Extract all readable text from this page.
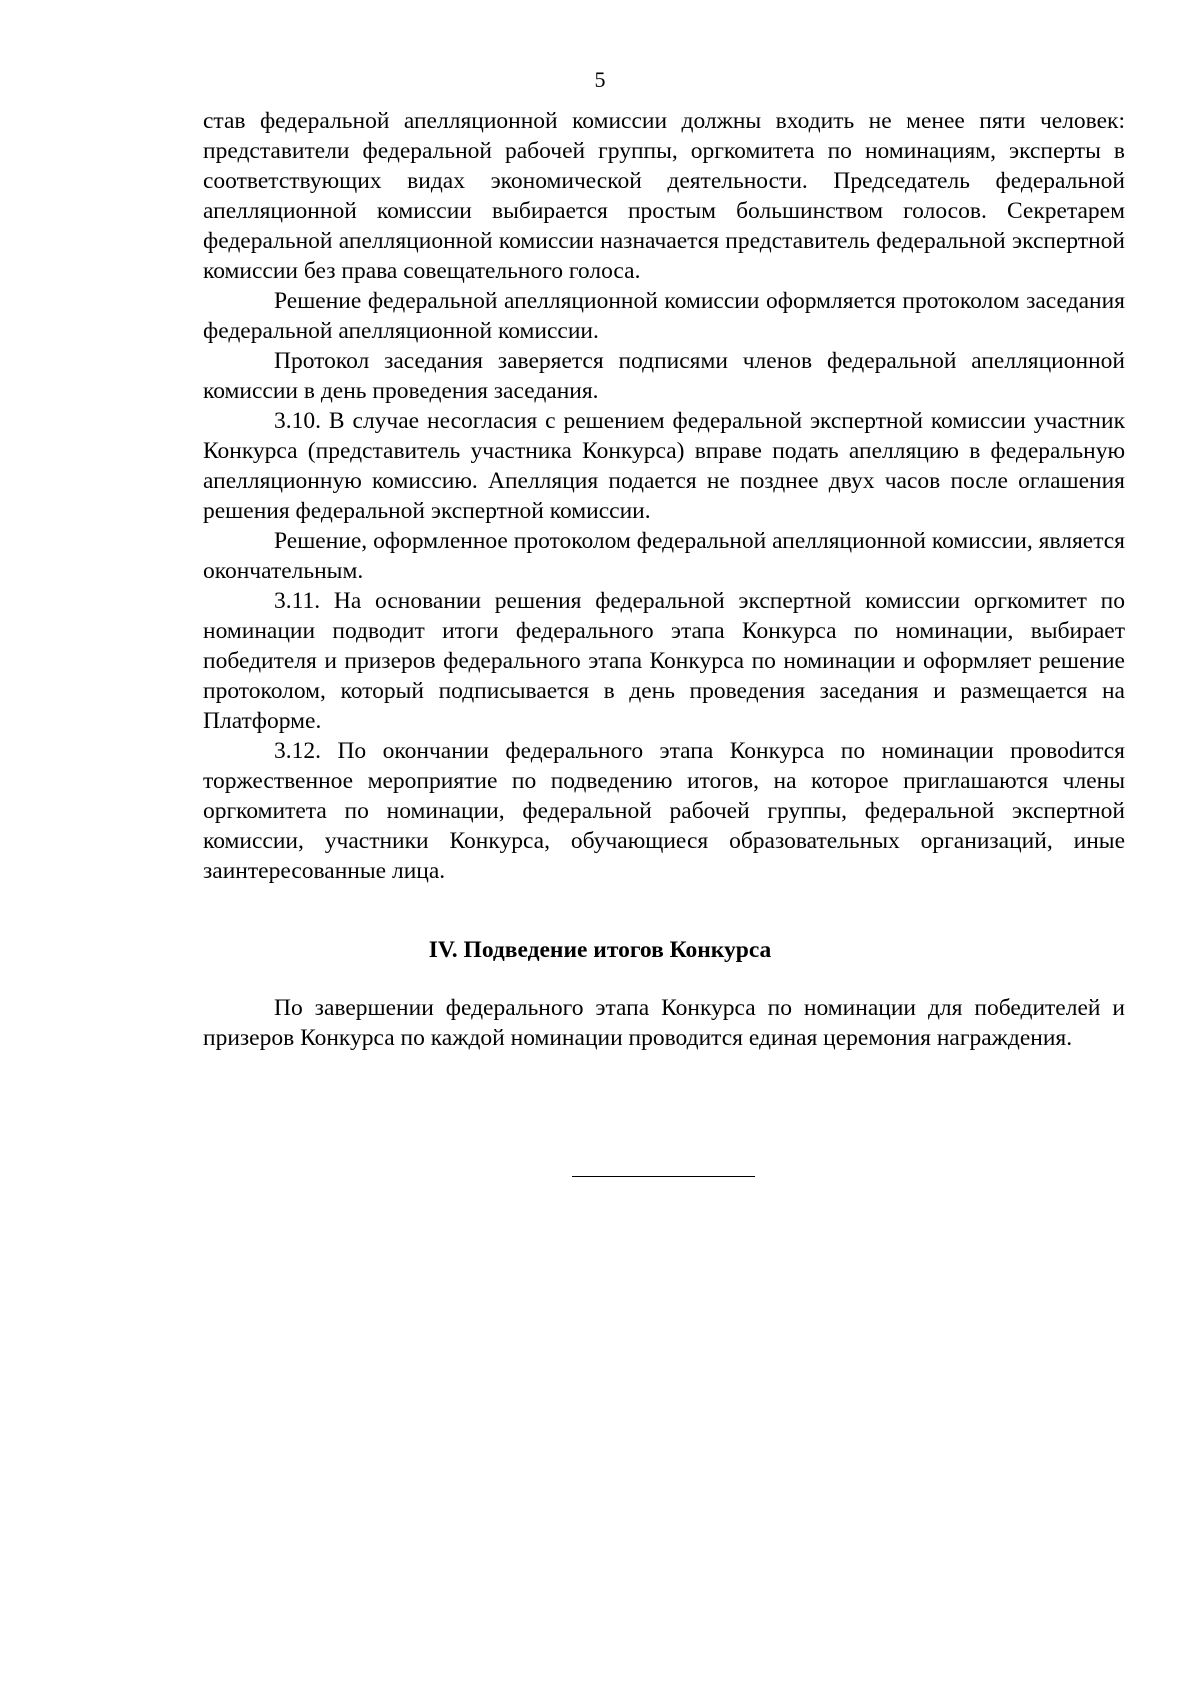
5

став федеральной апелляционной комиссии должны входить не менее пяти человек: представители федеральной рабочей группы, оргкомитета по номинациям, эксперты в соответствующих видах экономической деятельности. Председатель федеральной апелляционной комиссии выбирается простым большинством голосов. Секретарем федеральной апелляционной комиссии назначается представитель федеральной экспертной комиссии без права совещательного голоса.

Решение федеральной апелляционной комиссии оформляется протоколом заседания федеральной апелляционной комиссии.

Протокол заседания заверяется подписями членов федеральной апелляционной комиссии в день проведения заседания.

3.10. В случае несогласия с решением федеральной экспертной комиссии участник Конкурса (представитель участника Конкурса) вправе подать апелляцию в федеральную апелляционную комиссию. Апелляция подается не позднее двух часов после оглашения решения федеральной экспертной комиссии.

Решение, оформленное протоколом федеральной апелляционной комиссии, является окончательным.

3.11. На основании решения федеральной экспертной комиссии оргкомитет по номинации подводит итоги федерального этапа Конкурса по номинации, выбирает победителя и призеров федерального этапа Конкурса по номинации и оформляет решение протоколом, который подписывается в день проведения заседания и размещается на Платформе.

3.12. По окончании федерального этапа Конкурса по номинации провоdится торжественное мероприятие по подведению итогов, на которое приглашаются члены оргкомитета по номинации, федеральной рабочей группы, федеральной экспертной комиссии, участники Конкурса, обучающиеся образовательных организаций, иные заинтересованные лица.

IV. Подведение итогов Конкурса

По завершении федерального этапа Конкурса по номинации для победителей и призеров Конкурса по каждой номинации проводится единая церемония награждения.
